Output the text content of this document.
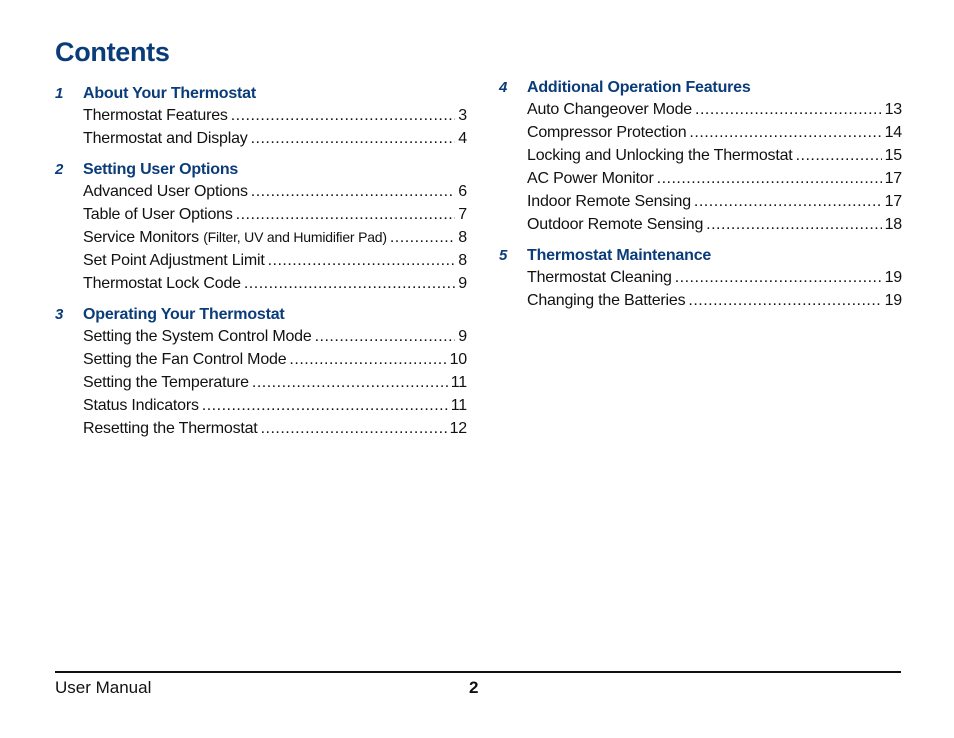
Contents
1	About Your Thermostat
Thermostat Features .....	3
Thermostat and Display .....	4
2	Setting User Options
Advanced User Options .....	6
Table of User Options .....	7
Service Monitors (Filter, UV and Humidifier Pad) .....	8
Set Point Adjustment Limit .....	8
Thermostat Lock Code .....	9
3	Operating Your Thermostat
Setting the System Control Mode .....	9
Setting the Fan Control Mode .....	10
Setting the Temperature .....	11
Status Indicators .....	11
Resetting the Thermostat .....	12
4	Additional Operation Features
Auto Changeover Mode .....	13
Compressor Protection .....	14
Locking and Unlocking the Thermostat .....	15
AC Power Monitor .....	17
Indoor Remote Sensing .....	17
Outdoor Remote Sensing .....	18
5	Thermostat Maintenance
Thermostat Cleaning .....	19
Changing the Batteries .....	19
User Manual	2
